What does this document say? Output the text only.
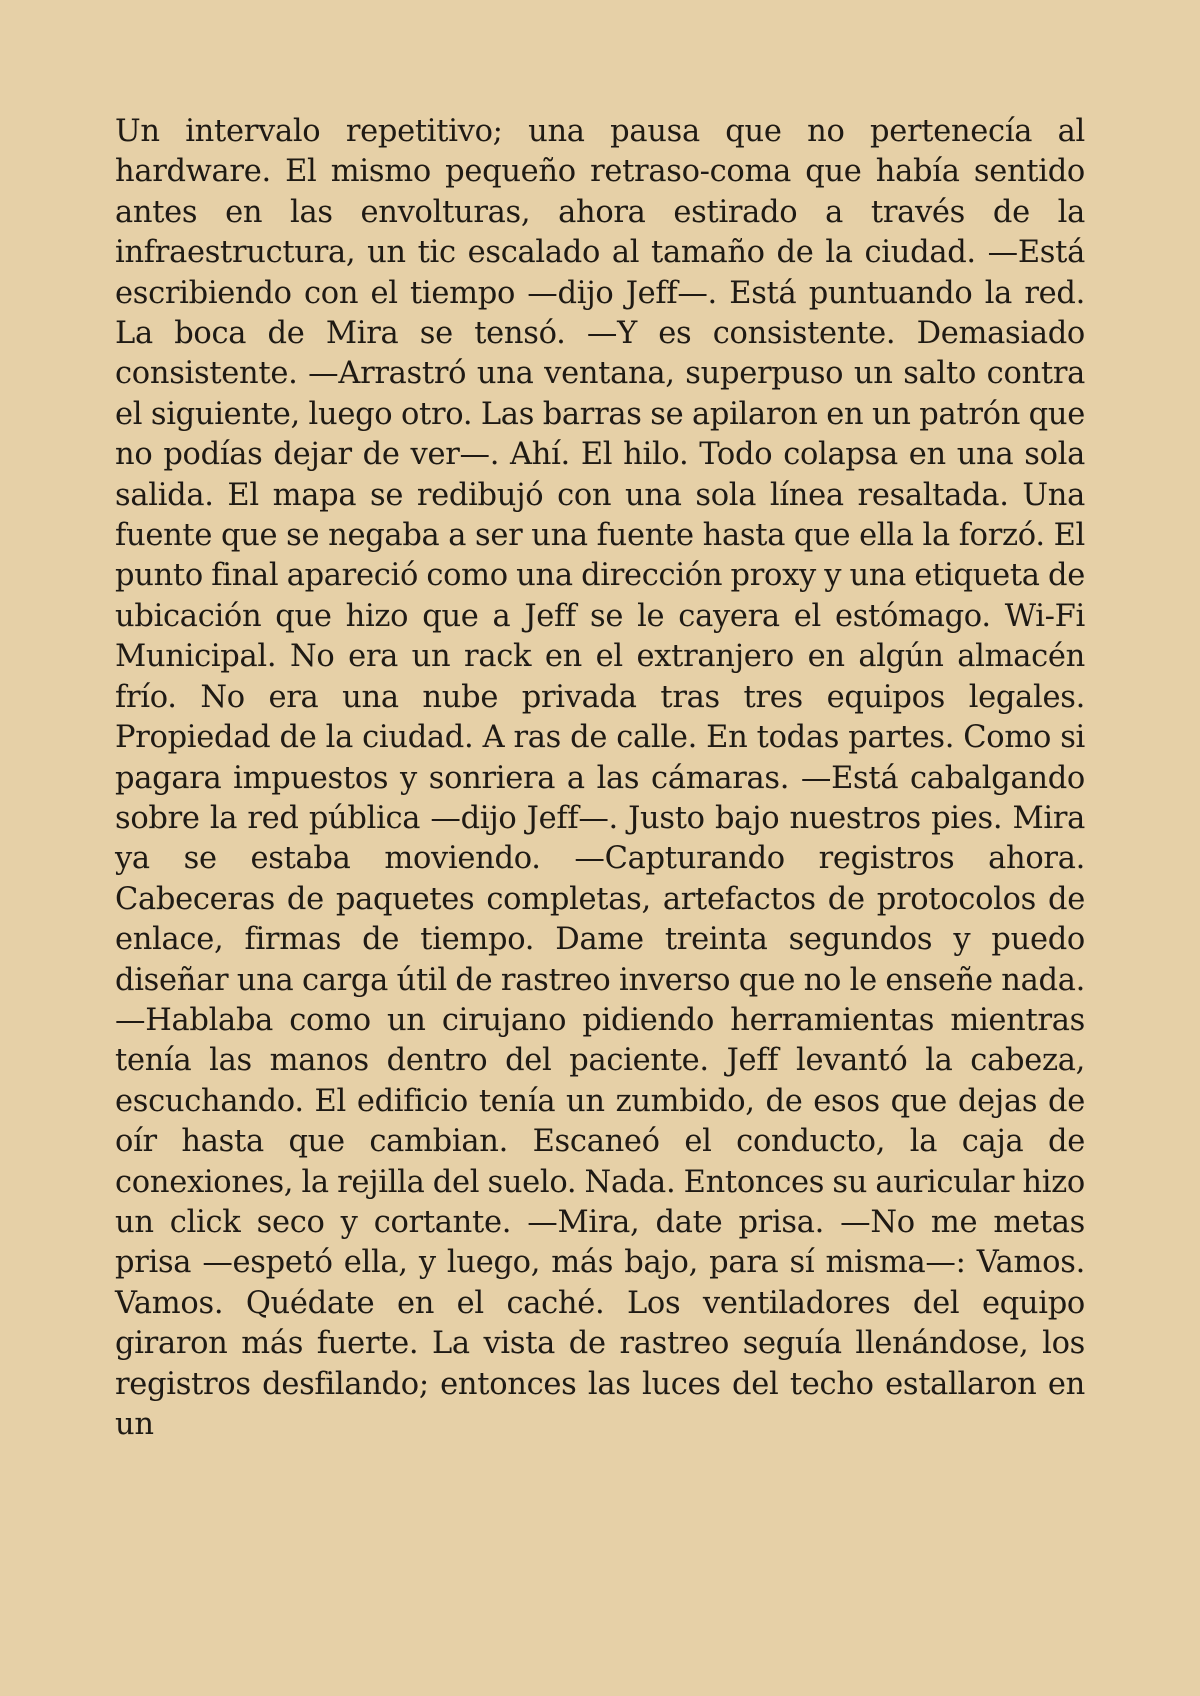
Un intervalo repetitivo; una pausa que no pertenecía al hardware. El mismo pequeño retraso-coma que había sentido antes en las envolturas, ahora estirado a través de la infraestructura, un tic escalado al tamaño de la ciudad. —Está escribiendo con el tiempo —dijo Jeff—. Está puntuando la red. La boca de Mira se tensó. —Y es consistente. Demasiado consistente. —Arrastró una ventana, superpuso un salto contra el siguiente, luego otro. Las barras se apilaron en un patrón que no podías dejar de ver—. Ahí. El hilo. Todo colapsa en una sola salida. El mapa se redibujó con una sola línea resaltada. Una fuente que se negaba a ser una fuente hasta que ella la forzó. El punto final apareció como una dirección proxy y una etiqueta de ubicación que hizo que a Jeff se le cayera el estómago. Wi-Fi Municipal. No era un rack en el extranjero en algún almacén frío. No era una nube privada tras tres equipos legales. Propiedad de la ciudad. A ras de calle. En todas partes. Como si pagara impuestos y sonriera a las cámaras. —Está cabalgando sobre la red pública —dijo Jeff—. Justo bajo nuestros pies. Mira ya se estaba moviendo. —Capturando registros ahora. Cabeceras de paquetes completas, artefactos de protocolos de enlace, firmas de tiempo. Dame treinta segundos y puedo diseñar una carga útil de rastreo inverso que no le enseñe nada. —Hablaba como un cirujano pidiendo herramientas mientras tenía las manos dentro del paciente. Jeff levantó la cabeza, escuchando. El edificio tenía un zumbido, de esos que dejas de oír hasta que cambian. Escaneó el conducto, la caja de conexiones, la rejilla del suelo. Nada. Entonces su auricular hizo un click seco y cortante. —Mira, date prisa. —No me metas prisa —espetó ella, y luego, más bajo, para sí misma—: Vamos. Vamos. Quédate en el caché. Los ventiladores del equipo giraron más fuerte. La vista de rastreo seguía llenándose, los registros desfilando; entonces las luces del techo estallaron en un
